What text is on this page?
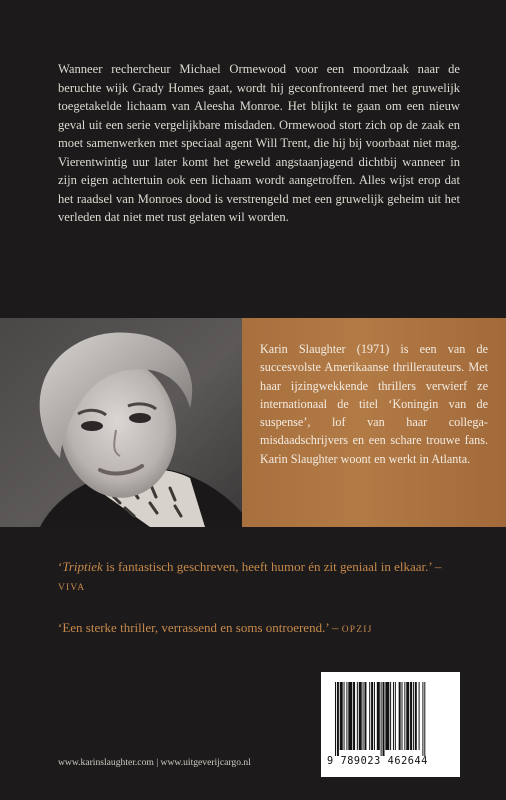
Wanneer rechercheur Michael Ormewood voor een moordzaak naar de beruchte wijk Grady Homes gaat, wordt hij geconfronteerd met het gruwelijk toegetakelde lichaam van Aleesha Monroe. Het blijkt te gaan om een nieuw geval uit een serie vergelijkbare misdaden. Ormewood stort zich op de zaak en moet samenwerken met speciaal agent Will Trent, die hij bij voorbaat niet mag. Vierentwintig uur later komt het geweld angstaanjagend dichtbij wanneer in zijn eigen achtertuin ook een lichaam wordt aangetroffen. Alles wijst erop dat het raadsel van Monroes dood is verstrengeld met een gruwelijk geheim uit het verleden dat niet met rust gelaten wil worden.

Karin Slaughter (1971) is een van de succesvolste Amerikaanse thrillerauteurs. Met haar ijzingwekkende thrillers verwierf ze internationaal de titel ‘Koningin van de suspense’, lof van haar collega-misdaadschrijvers en een schare trouwe fans. Karin Slaughter woont en werkt in Atlanta.

‘Triptiek is fantastisch geschreven, heeft humor én zit geniaal in elkaar.’ – VIVA

‘Een sterke thriller, verrassend en soms ontroerend.’ – OPZIJ

9 789023 462644
www.karinslaughter.com | www.uitgeverijcargo.nl
